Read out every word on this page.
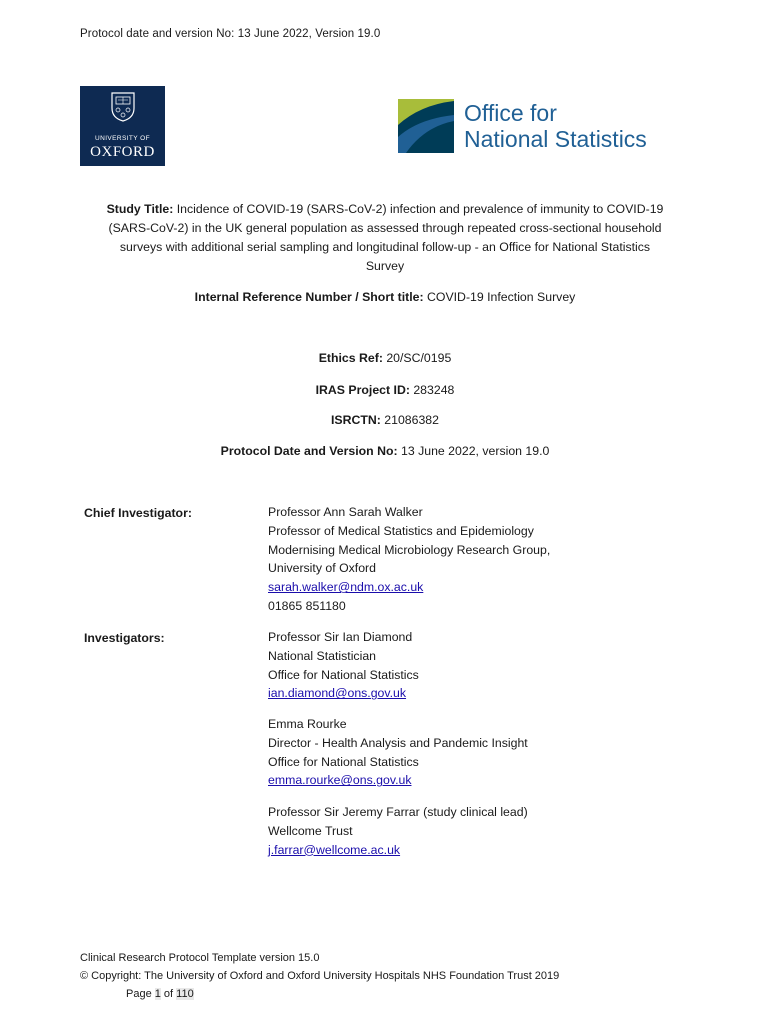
Protocol date and version No: 13 June 2022, Version 19.0
UNIVERSITY OF
OXFORD
Office for
National Statistics
Study Title: Incidence of COVID-19 (SARS-CoV-2) infection and prevalence of immunity to COVID-19
(SARS-CoV-2) in the UK general population as assessed through repeated cross-sectional household
surveys with additional serial sampling and longitudinal follow-up - an Office for National Statistics
Survey
Internal Reference Number / Short title: COVID-19 Infection Survey
Ethics Ref: 20/SC/0195
IRAS Project ID: 283248
ISRCTN: 21086382
Protocol Date and Version No: 13 June 2022, version 19.0
Chief Investigator:	Professor Ann Sarah Walker
Professor of Medical Statistics and Epidemiology
Modernising Medical Microbiology Research Group,
University of Oxford
sarah.walker@ndm.ox.ac.uk
01865 851180
Investigators:	Professor Sir Ian Diamond
National Statistician
Office for National Statistics
ian.diamond@ons.gov.uk
Emma Rourke
Director - Health Analysis and Pandemic Insight
Office for National Statistics
emma.rourke@ons.gov.uk
Professor Sir Jeremy Farrar (study clinical lead)
Wellcome Trust
j.farrar@wellcome.ac.uk
Clinical Research Protocol Template version 15.0
© Copyright: The University of Oxford and Oxford University Hospitals NHS Foundation Trust 2019
Page 1 of 110
